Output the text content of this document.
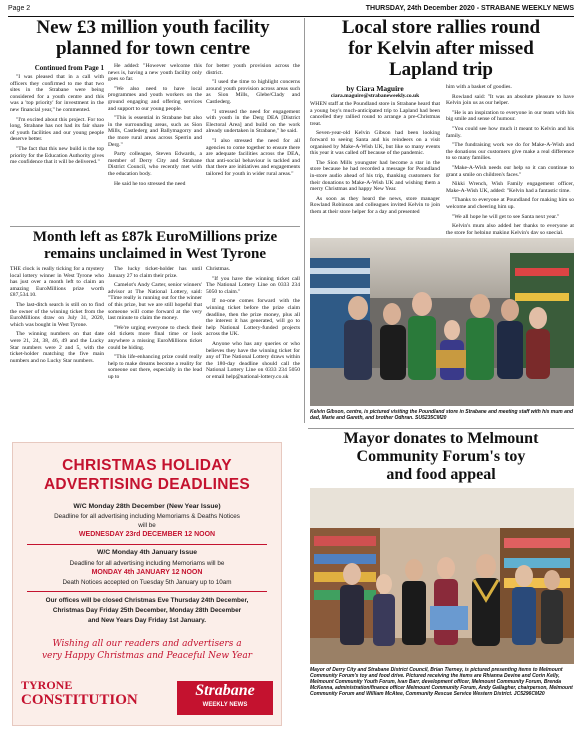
Page 2	THURSDAY, 24th December 2020 - STRABANE WEEKLY NEWS
New £3 million youth facility
planned for town centre
Continued from Page 1

"I was pleased that in a call with officers they confirmed to me that two sites in the Strabane were being considered for a youth centre and this was a 'top priority' for investment in the new financial year," he commented.

"I'm excited about this project. For too long, Strabane has not had its fair share of youth facilities and our young people deserve better.

"The fact that this new build is the top priority for the Education Authority gives me confidence that it will be delivered."

He added: "However welcome this news is, having a new youth facility only goes so far.

"We also need to have local programmes and youth workers on the ground engaging and offering services and support to our young people.

"This is essential in Strabane but also in the surrounding areas, such as Sion Mills, Castlederg and Ballymagorry and the more rural areas across Sperrin and Derg."

Party colleague, Steven Edwards, a member of Derry City and Strabane District Council, who recently met with the education body.

He said he too stressed the need

for better youth provision across the district.

"I used the time to highlight concerns around youth provision across areas such as Sion Mills, Glebe/Clady and Castlederg.

"I stressed the need for engagement with youth in the Derg DEA [District Electoral Area] and build on the work already undertaken in Strabane," he said.

"I also stressed the need for all agencies to come together to ensure there are adequate facilities across the DEA, that anti-social behaviour is tackled and that there are initiatives and engagements tailored for youth in wider rural areas."

Local store rallies round
for Kelvin after missed
Lapland trip
by Ciara Maguire
ciara.maguire@strabaneweekly.co.uk

WHEN staff at the Poundland store in Strabane heard that a young boy's much-anticipated trip to Lapland had been cancelled they rallied round to arrange a pre-Christmas treat.

Seven-year-old Kelvin Gibson had been looking forward to seeing Santa and his reindeers on a visit organised by Make-A-Wish UK, but like so many events this year it was called off because of the pandemic.

The Sion Mills youngster had become a star in the store because he had recorded a message for Poundland in-store audio ahead of his trip, thanking customers for their donations to Make-A-Wish UK and wishing them a merry Christmas and happy New Year.

As soon as they heard the news, store manager Rowland Robinson and colleagues invited Kelvin to join them at their store helper for a day and presented

him with a basket of goodies.

Rowland said: "It was an absolute pleasure to have Kelvin join us as our helper.

"He is an inspiration to everyone in our team with his big smile and sense of humour.

"You could see how much it meant to Kelvin and his family.

"The fundraising work we do for Make-A-Wish and the donations our customers give make a real difference to so many families.

"Make-A-Wish needs our help so it can continue to grant a smile on children's faces."

Nikki Wrench, Wish Family engagement officer, Make-A-Wish UK, added: "Kelvin had a fantastic time.

"Thanks to everyone at Poundland for making him so welcome and cheering him up.

"We all hope he will get to see Santa next year."

Kelvin's mum also added her thanks to everyone at the store for helping making Kelvin's day so special.

Kelvin Gibson, centre, is pictured visiting the Poundland store in Strabane and meeting staff with his mum and dad, Marie and Gareth, and brother Odhran. SU5235CM20
Month left as £87k EuroMillions prize
remains unclaimed in West Tyrone

THE clock is really ticking for a mystery local lottery winner in West Tyrone who has just over a month left to claim an amazing EuroMillions prize worth £87,534.10.

The last-ditch search is still on to find the owner of the winning ticket from the EuroMillions draw on July 31, 2020, which was bought in West Tyrone.

The winning numbers on that date were 21, 24, 38, 46, 49 and the Lucky Star numbers were 2 and 5, with the ticket-holder matching the five main numbers and no Lucky Star numbers.

The lucky ticket-holder has until January 27 to claim their prize.

Camelot's Andy Carter, senior winners' advisor at The National Lottery, said: "Time really is running out for the winner of this prize, but we are still hopeful that someone will come forward at the very last minute to claim the money.

"We're urging everyone to check their old tickets more final time or look anywhere a missing EuroMillions ticket could be hiding.

"This life-enhancing prize could really help to make dreams become a reality for someone out there, especially in the lead up to

Christmas.

"If you have the winning ticket call The National Lottery Line on 0333 234 5050 to claim."

If no-one comes forward with the winning ticket before the prize claim deadline, then the prize money, plus all the interest it has generated, will go to help National Lottery-funded projects across the UK.

Anyone who has any queries or who believes they have the winning ticket for any of The National Lottery draws within the 180-day deadline should call the National Lottery Line on 0333 234 5050 or email help@national-lottery.co.uk

CHRISTMAS HOLIDAY
ADVERTISING DEADLINES
W/C Monday 28th December (New Year Issue)
Deadline for all advertising including Memoriams & Deaths Notices
will be
WEDNESDAY 23rd DECEMBER 12 NOON
W/C Monday 4th January Issue
Deadline for all advertising including Memoriams will be
MONDAY 4th JANUARY 12 NOON
Death Notices accepted on Tuesday 5th January up to 10am
Our offices will be closed Christmas Eve Thursday 24th December,
Christmas Day Friday 25th December, Monday 28th December
and New Years Day Friday 1st January.
Wishing all our readers and advertisers a
very Happy Christmas and Peaceful New Year
TYRONE
CONSTITUTION
Strabane
WEEKLY NEWS
Mayor donates to Melmount
Community Forum's toy
and food appeal
Mayor of Derry City and Strabane District Council, Brian Tierney, is pictured presenting items to Melmount Community Forum's toy and food drive. Pictured receiving the items are Rhianna Devine and Corin Kelly, Melmount Community Youth Forum, Ivan Barr, development officer, Melmount Community Forum, Brenda McKenna, administration/finance officer Melmount Community Forum, Andy Gallagher, chairperson, Melmount Community Forum and William McAtee, Community Rescue Service Western District. JC5296CM20
